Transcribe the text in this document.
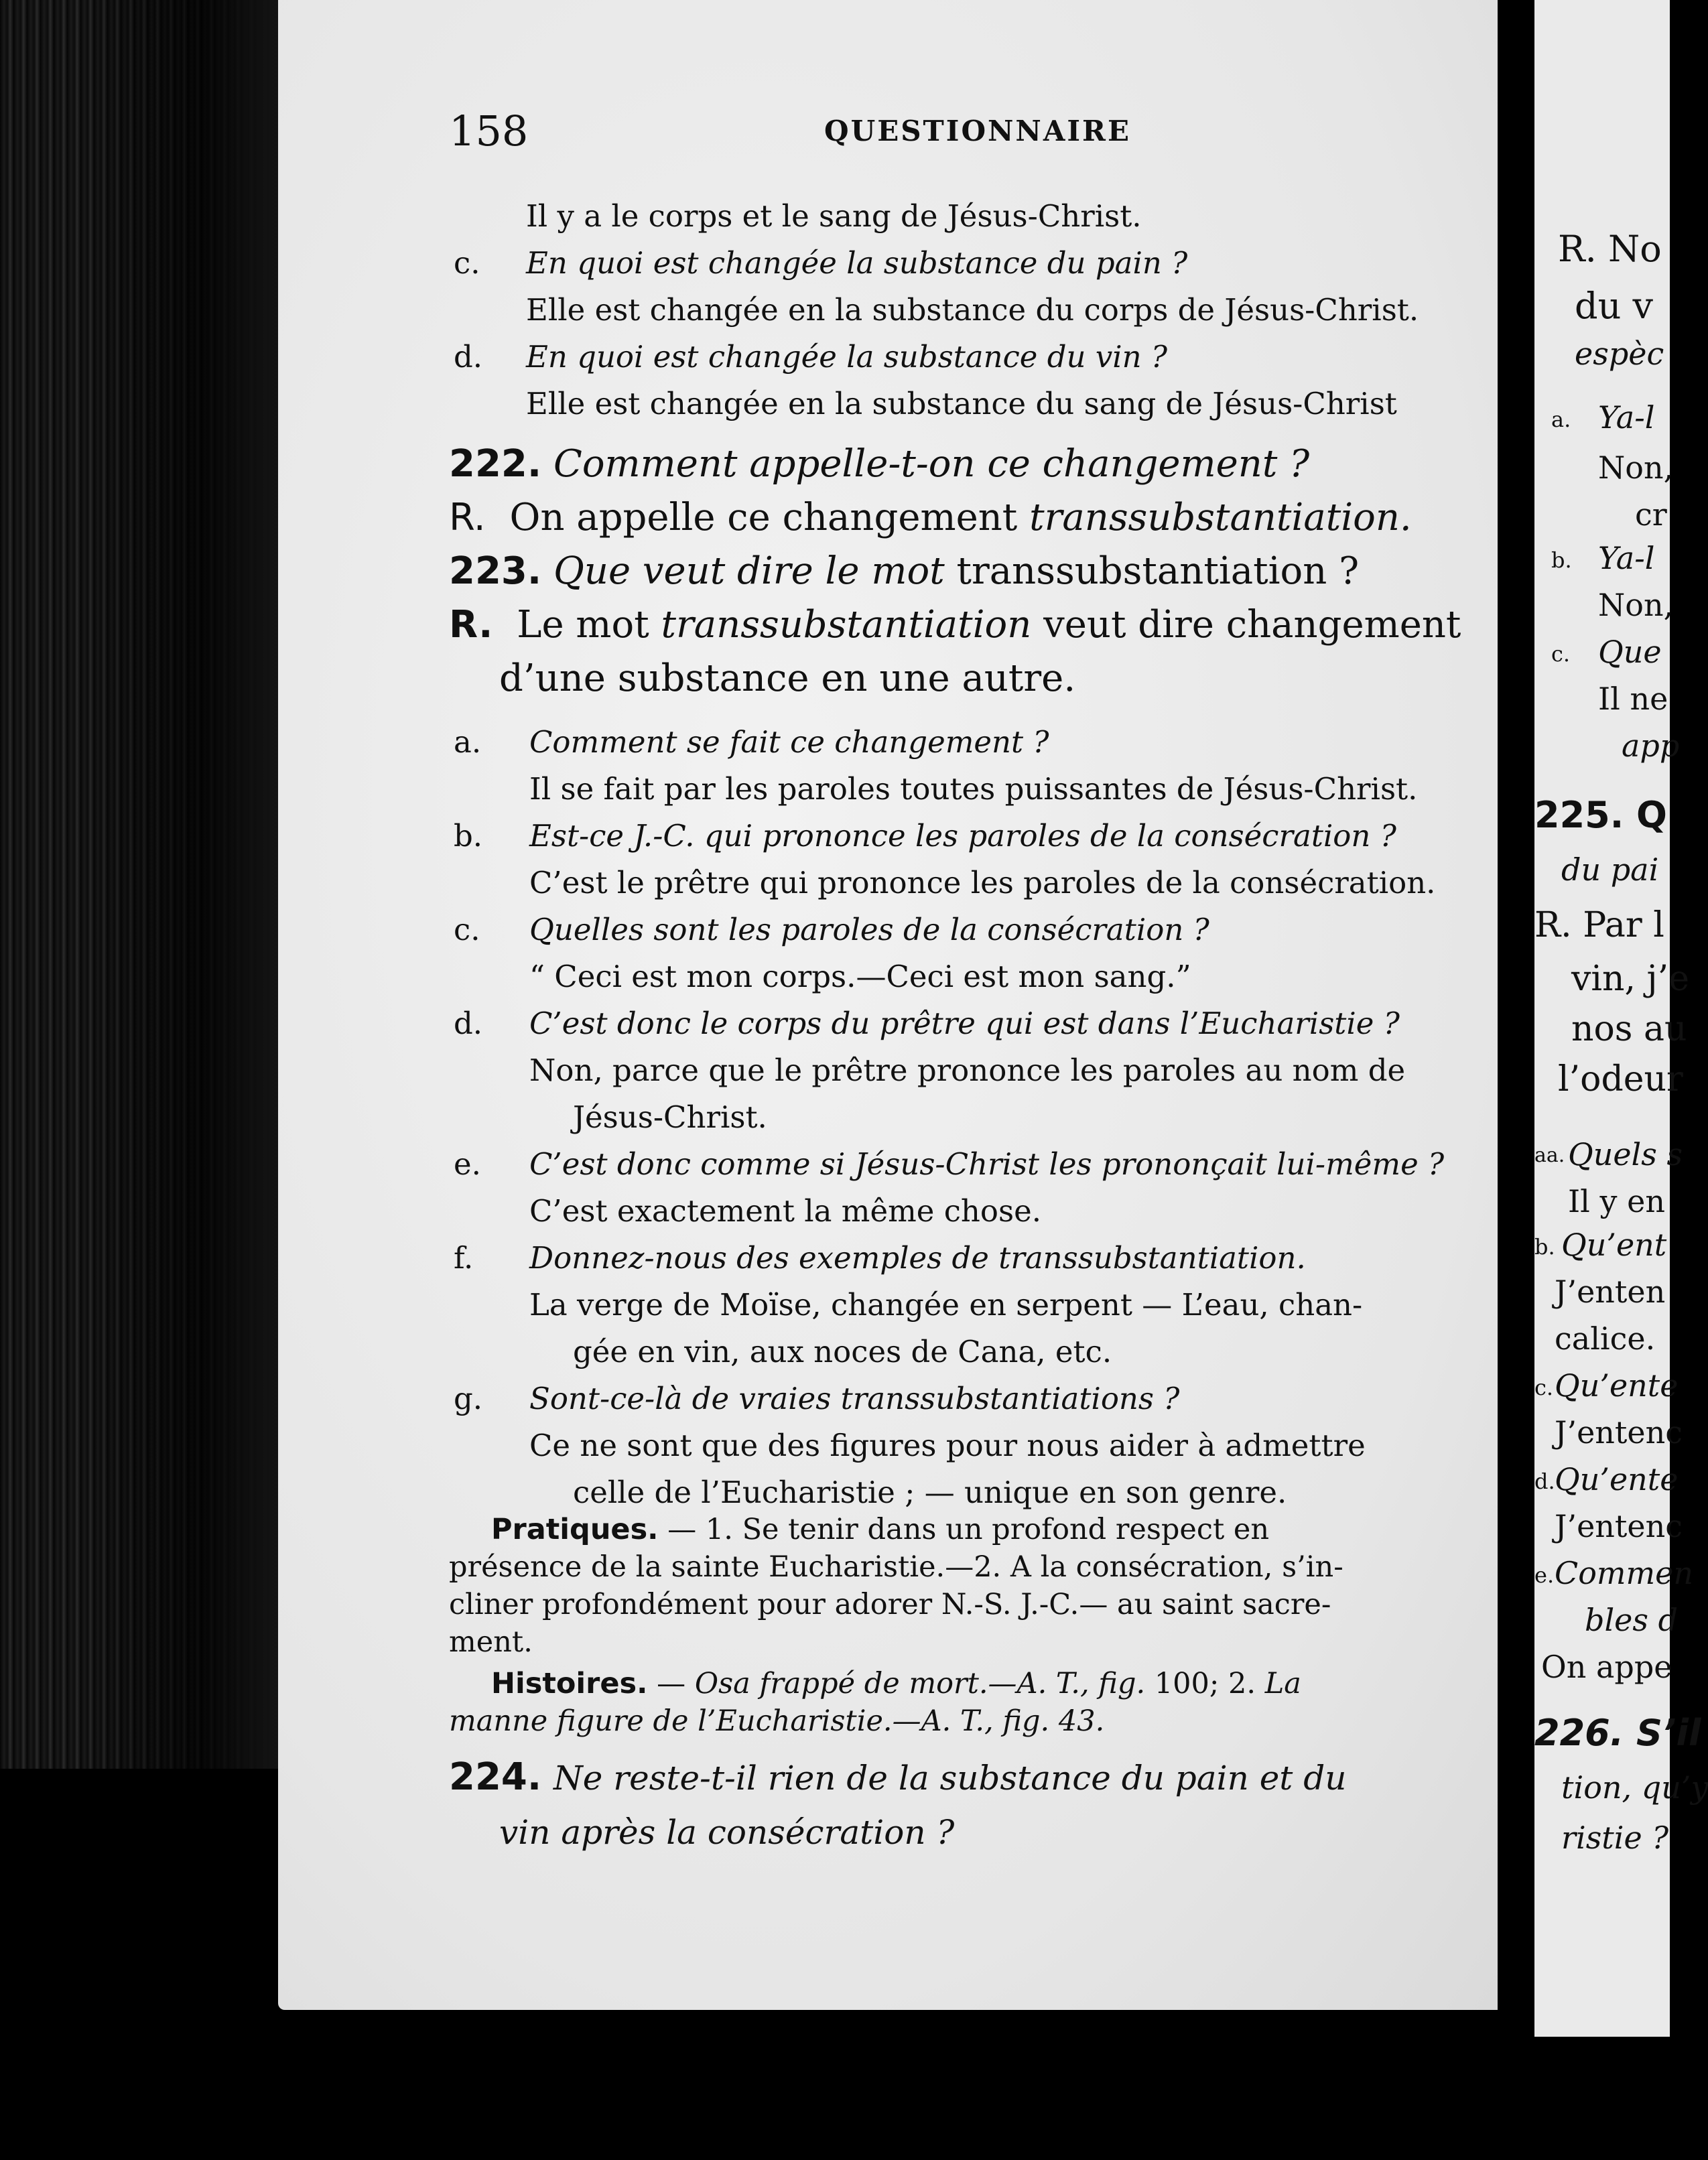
158	QUESTIONNAIRE
Il y a le corps et le sang de Jésus-Christ.
c. En quoi est changée la substance du pain ?
Elle est changée en la substance du corps de Jésus-Christ.
d. En quoi est changée la substance du vin ?
Elle est changée en la substance du sang de Jésus-Christ
222. Comment appelle-t-on ce changement ?
R. On appelle ce changement transsubstantiation.
223. Que veut dire le mot transsubstantiation ?
R. Le mot transsubstantiation veut dire changement
d’une substance en une autre.
a. Comment se fait ce changement ?
Il se fait par les paroles toutes puissantes de Jésus-Christ.
b. Est-ce J.-C. qui prononce les paroles de la consécration ?
C’est le prêtre qui prononce les paroles de la consécration.
c. Quelles sont les paroles de la consécration ?
“ Ceci est mon corps.—Ceci est mon sang.”
d. C’est donc le corps du prêtre qui est dans l’Eucharistie ?
Non, parce que le prêtre prononce les paroles au nom de
Jésus-Christ.
e. C’est donc comme si Jésus-Christ les prononçait lui-même ?
C’est exactement la même chose.
f. Donnez-nous des exemples de transsubstantiation.
La verge de Moïse, changée en serpent — L’eau, chan-
gée en vin, aux noces de Cana, etc.
g. Sont-ce-là de vraies transsubstantiations ?
Ce ne sont que des figures pour nous aider à admettre
celle de l’Eucharistie ; — unique en son genre.
Pratiques. — 1. Se tenir dans un profond respect en
présence de la sainte Eucharistie.—2. A la consécration, s’in-
cliner profondément pour adorer N.-S. J.-C.— au saint sacre-
ment.
Histoires. — Osa frappé de mort.—A. T., fig. 100; 2. La
manne figure de l’Eucharistie.—A. T., fig. 43.
224. Ne reste-t-il rien de la substance du pain et du
vin après la consécration ?
R. No
du v
espèc
a. Ya-l
Non,
cr
b. Ya-l
Non,
c. Que
Il ne
app
225. Q
du pai
R. Par l
vin, j’e
nos au
l’odeur
aa. Quels s
Il y en
b. Qu’ent
J’enten
calice.
c. Qu’ente
J’entenc
d. Qu’ente
J’entenc
e. Commen
bles d
On appe
226. S’il
tion, qu’y
ristie ?
